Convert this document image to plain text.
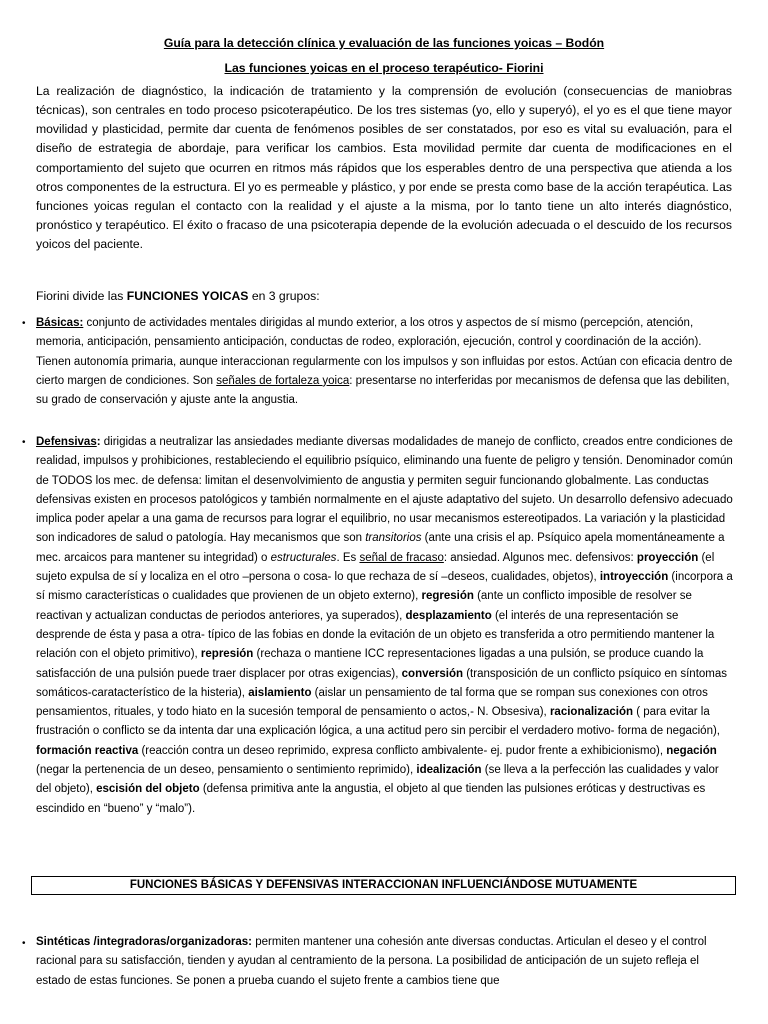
Guía para la detección clínica y evaluación de las funciones yoicas – Bodón
Las funciones yoicas en el proceso terapéutico- Fiorini

La realización de diagnóstico, la indicación de tratamiento y la comprensión de evolución (consecuencias de maniobras técnicas), son centrales en todo proceso psicoterapéutico. De los tres sistemas (yo, ello y superyó), el yo es el que tiene mayor movilidad y plasticidad, permite dar cuenta de fenómenos posibles de ser constatados, por eso es vital su evaluación, para el diseño de estrategia de abordaje, para verificar los cambios. Esta movilidad permite dar cuenta de modificaciones en el comportamiento del sujeto que ocurren en ritmos más rápidos que los esperables dentro de una perspectiva que atienda a los otros componentes de la estructura. El yo es permeable y plástico, y por ende se presta como base de la acción terapéutica. Las funciones yoicas regulan el contacto con la realidad y el ajuste a la misma, por lo tanto tiene un alto interés diagnóstico, pronóstico y terapéutico. El éxito o fracaso de una psicoterapia depende de la evolución adecuada o el descuido de los recursos yoicos del paciente.

Fiorini divide las FUNCIONES YOICAS en 3 grupos:

• Básicas: conjunto de actividades mentales dirigidas al mundo exterior, a los otros y aspectos de sí mismo (percepción, atención, memoria, anticipación, pensamiento anticipación, conductas de rodeo, exploración, ejecución, control y coordinación de la acción). Tienen autonomía primaria, aunque interaccionan regularmente con los impulsos y son influidas por estos. Actúan con eficacia dentro de cierto margen de condiciones. Son señales de fortaleza yoica: presentarse no interferidas por mecanismos de defensa que las debiliten, su grado de conservación y ajuste ante la angustia.

• Defensivas: dirigidas a neutralizar las ansiedades mediante diversas modalidades de manejo de conflicto, creados entre condiciones de realidad, impulsos y prohibiciones, restableciendo el equilibrio psíquico, eliminando una fuente de peligro y tensión. Denominador común de TODOS los mec. de defensa: limitan el desenvolvimiento de angustia y permiten seguir funcionando globalmente. Las conductas defensivas existen en procesos patológicos y también normalmente en el ajuste adaptativo del sujeto. Un desarrollo defensivo adecuado implica poder apelar a una gama de recursos para lograr el equilibrio, no usar mecanismos estereotipados. La variación y la plasticidad son indicadores de salud o patología. Hay mecanismos que son transitorios (ante una crisis el ap. Psíquico apela momentáneamente a mec. arcaicos para mantener su integridad) o estructurales. Es señal de fracaso: ansiedad. Algunos mec. defensivos: proyección (el sujeto expulsa de sí y localiza en el otro –persona o cosa- lo que rechaza de sí –deseos, cualidades, objetos), introyección (incorpora a sí mismo características o cualidades que provienen de un objeto externo), regresión (ante un conflicto imposible de resolver se reactivan y actualizan conductas de periodos anteriores, ya superados), desplazamiento (el interés de una representación se desprende de ésta y pasa a otra- típico de las fobias en donde la evitación de un objeto es transferida a otro permitiendo mantener la relación con el objeto primitivo), represión (rechaza o mantiene ICC representaciones ligadas a una pulsión, se produce cuando la satisfacción de una pulsión puede traer displacer por otras exigencias), conversión (transposición de un conflicto psíquico en síntomas somáticos-caratacterístico de la histeria), aislamiento (aislar un pensamiento de tal forma que se rompan sus conexiones con otros pensamientos, rituales, y todo hiato en la sucesión temporal de pensamiento o actos,- N. Obsesiva), racionalización ( para evitar la frustración o conflicto se da intenta dar una explicación lógica, a una actitud pero sin percibir el verdadero motivo- forma de negación), formación reactiva (reacción contra un deseo reprimido, expresa conflicto ambivalente- ej. pudor frente a exhibicionismo), negación (negar la pertenencia de un deseo, pensamiento o sentimiento reprimido), idealización (se lleva a la perfección las cualidades y valor del objeto), escisión del objeto (defensa primitiva ante la angustia, el objeto al que tienden las pulsiones eróticas y destructivas es escindido en “bueno” y “malo”).

FUNCIONES BÁSICAS Y DEFENSIVAS INTERACCIONAN INFLUENCIÁNDOSE MUTUAMENTE
• Sintéticas /integradoras/organizadoras: permiten mantener una cohesión ante diversas conductas. Articulan el deseo y el control racional para su satisfacción, tienden y ayudan al centramiento de la persona. La posibilidad de anticipación de un sujeto refleja el estado de estas funciones. Se ponen a prueba cuando el sujeto frente a cambios tiene que
